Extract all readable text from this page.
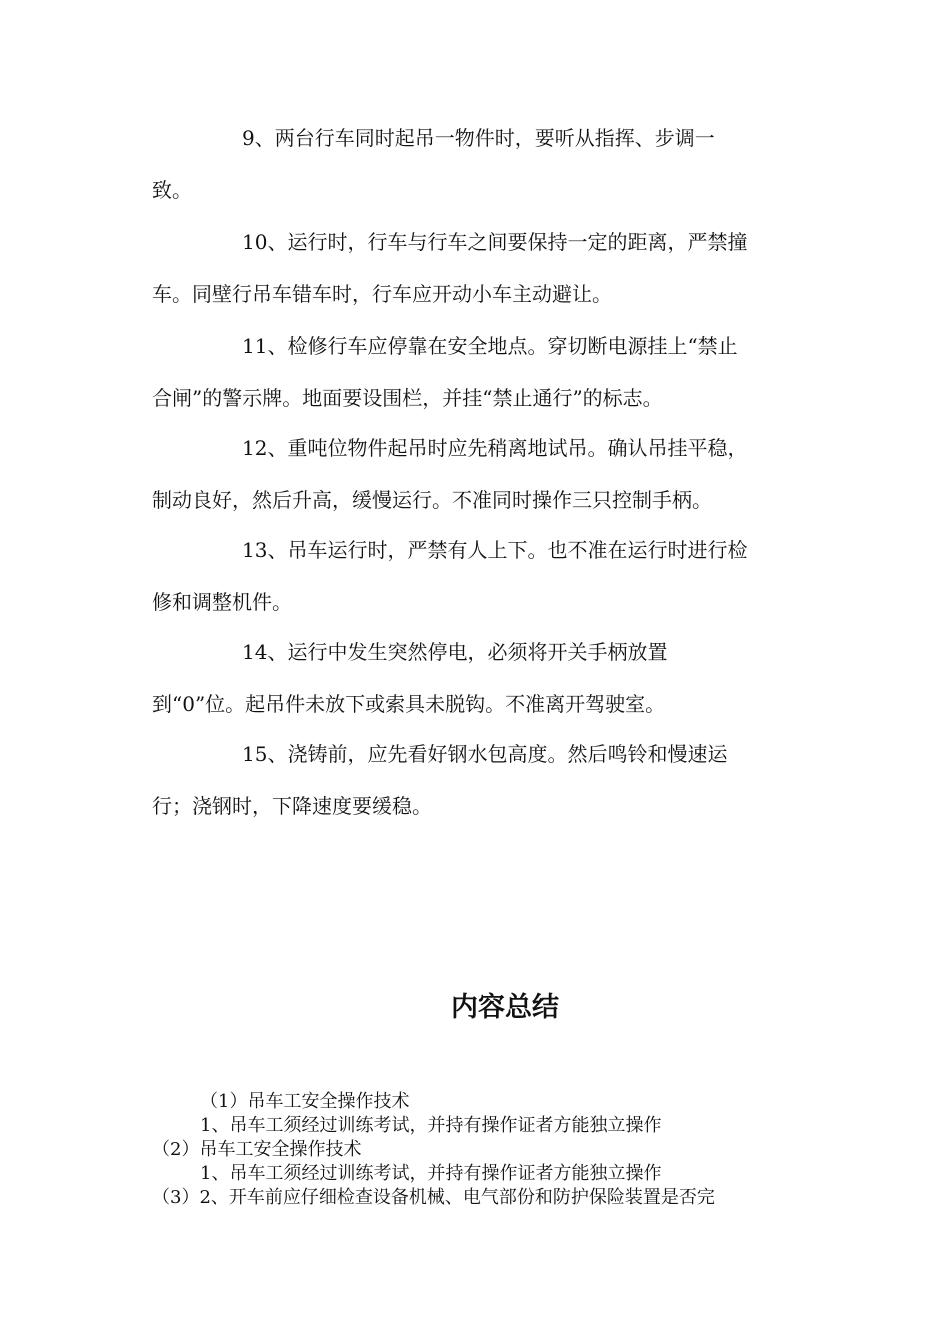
9、两台行车同时起吊一物件时，要听从指挥、步调一
致。

10、运行时，行车与行车之间要保持一定的距离，严禁撞
车。同壁行吊车错车时，行车应开动小车主动避让。

11、检修行车应停靠在安全地点。穿切断电源挂上“禁止
合闸”的警示牌。地面要设围栏，并挂“禁止通行”的标志。

12、重吨位物件起吊时应先稍离地试吊。确认吊挂平稳，
制动良好，然后升高，缓慢运行。不准同时操作三只控制手柄。

13、吊车运行时，严禁有人上下。也不准在运行时进行检
修和调整机件。

14、运行中发生突然停电，必须将开关手柄放置
到“0”位。起吊件未放下或索具未脱钩。不准离开驾驶室。

15、浇铸前，应先看好钢水包高度。然后鸣铃和慢速运
行；浇钢时，下降速度要缓稳。

内容总结

（1）吊车工安全操作技术

1、吊车工须经过训练考试，并持有操作证者方能独立操作

（2）吊车工安全操作技术

1、吊车工须经过训练考试，并持有操作证者方能独立操作

（3）2、开车前应仔细检查设备机械、电气部份和防护保险装置是否完
